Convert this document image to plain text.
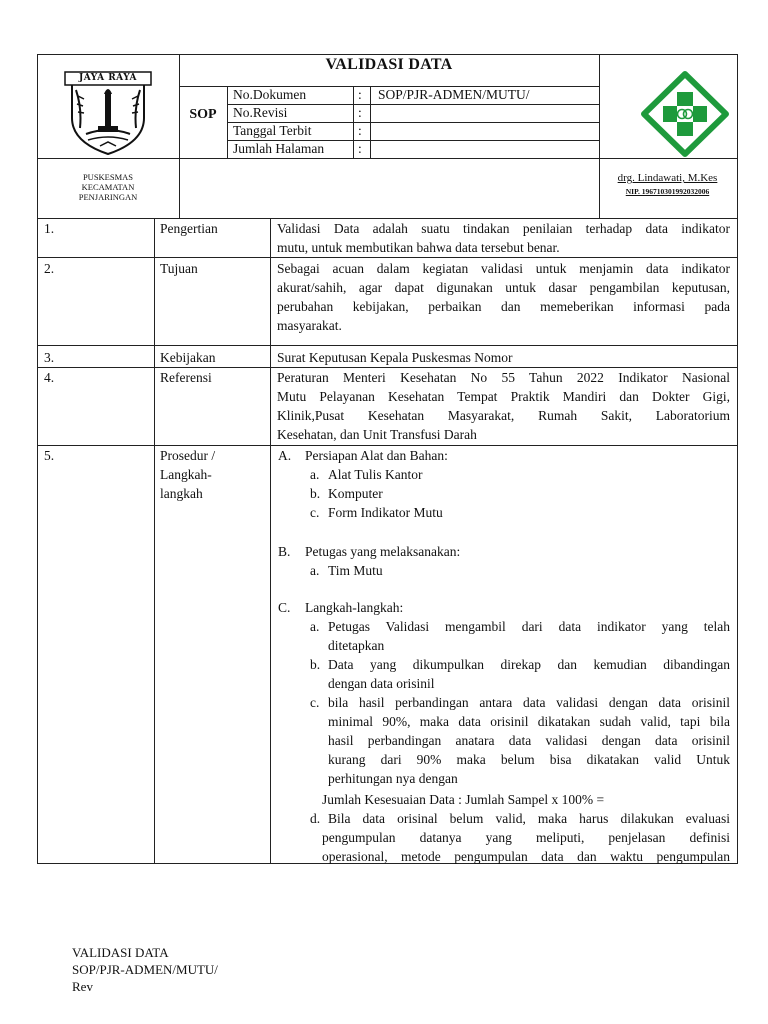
VALIDASI DATA
SOP
No.Dokumen	: SOP/PJR-ADMEN/MUTU/
No.Revisi	:
Tanggal Terbit	:
Jumlah Halaman	:
JAYA RAYA
PUSKESMAS
KECAMATAN
PENJARINGAN
drg. Lindawati, M.Kes
NIP. 196710301992032006
1.	Pengertian	Validasi Data adalah suatu tindakan penilaian terhadap data indikator
mutu, untuk membutikan bahwa data tersebut benar.
2.	Tujuan	Sebagai acuan dalam kegiatan validasi untuk menjamin data indikator
akurat/sahih, agar dapat digunakan untuk dasar pengambilan keputusan,
perubahan kebijakan, perbaikan dan memeberikan informasi pada
masyarakat.
3.	Kebijakan	Surat Keputusan Kepala Puskesmas Nomor
4.	Referensi	Peraturan Menteri Kesehatan No 55 Tahun 2022 Indikator Nasional
Mutu Pelayanan Kesehatan Tempat Praktik Mandiri dan Dokter Gigi,
Klinik,Pusat Kesehatan Masyarakat, Rumah Sakit, Laboratorium
Kesehatan, dan Unit Transfusi Darah
5.	Prosedur /
Langkah-
langkah
A. Persiapan Alat dan Bahan:
a. Alat Tulis Kantor
b. Komputer
c. Form Indikator Mutu
B. Petugas yang melaksanakan:
a. Tim Mutu
C. Langkah-langkah:
a. Petugas Validasi mengambil dari data indikator yang telah
ditetapkan
b. Data yang dikumpulkan direkap dan kemudian dibandingan
dengan data orisinil
c. bila hasil perbandingan antara data validasi dengan data orisinil
minimal 90%, maka data orisinil dikatakan sudah valid, tapi bila
hasil perbandingan anatara data validasi dengan data orisinil
kurang dari 90% maka belum bisa dikatakan valid Untuk
perhitungan nya dengan
Jumlah Kesesuaian Data : Jumlah Sampel x 100% =
d. Bila data orisinal belum valid, maka harus dilakukan evaluasi
pengumpulan datanya yang meliputi, penjelasan definisi
operasional, metode pengumpulan data dan waktu pengumpulan
VALIDASI DATA
SOP/PJR-ADMEN/MUTU/
Rev
